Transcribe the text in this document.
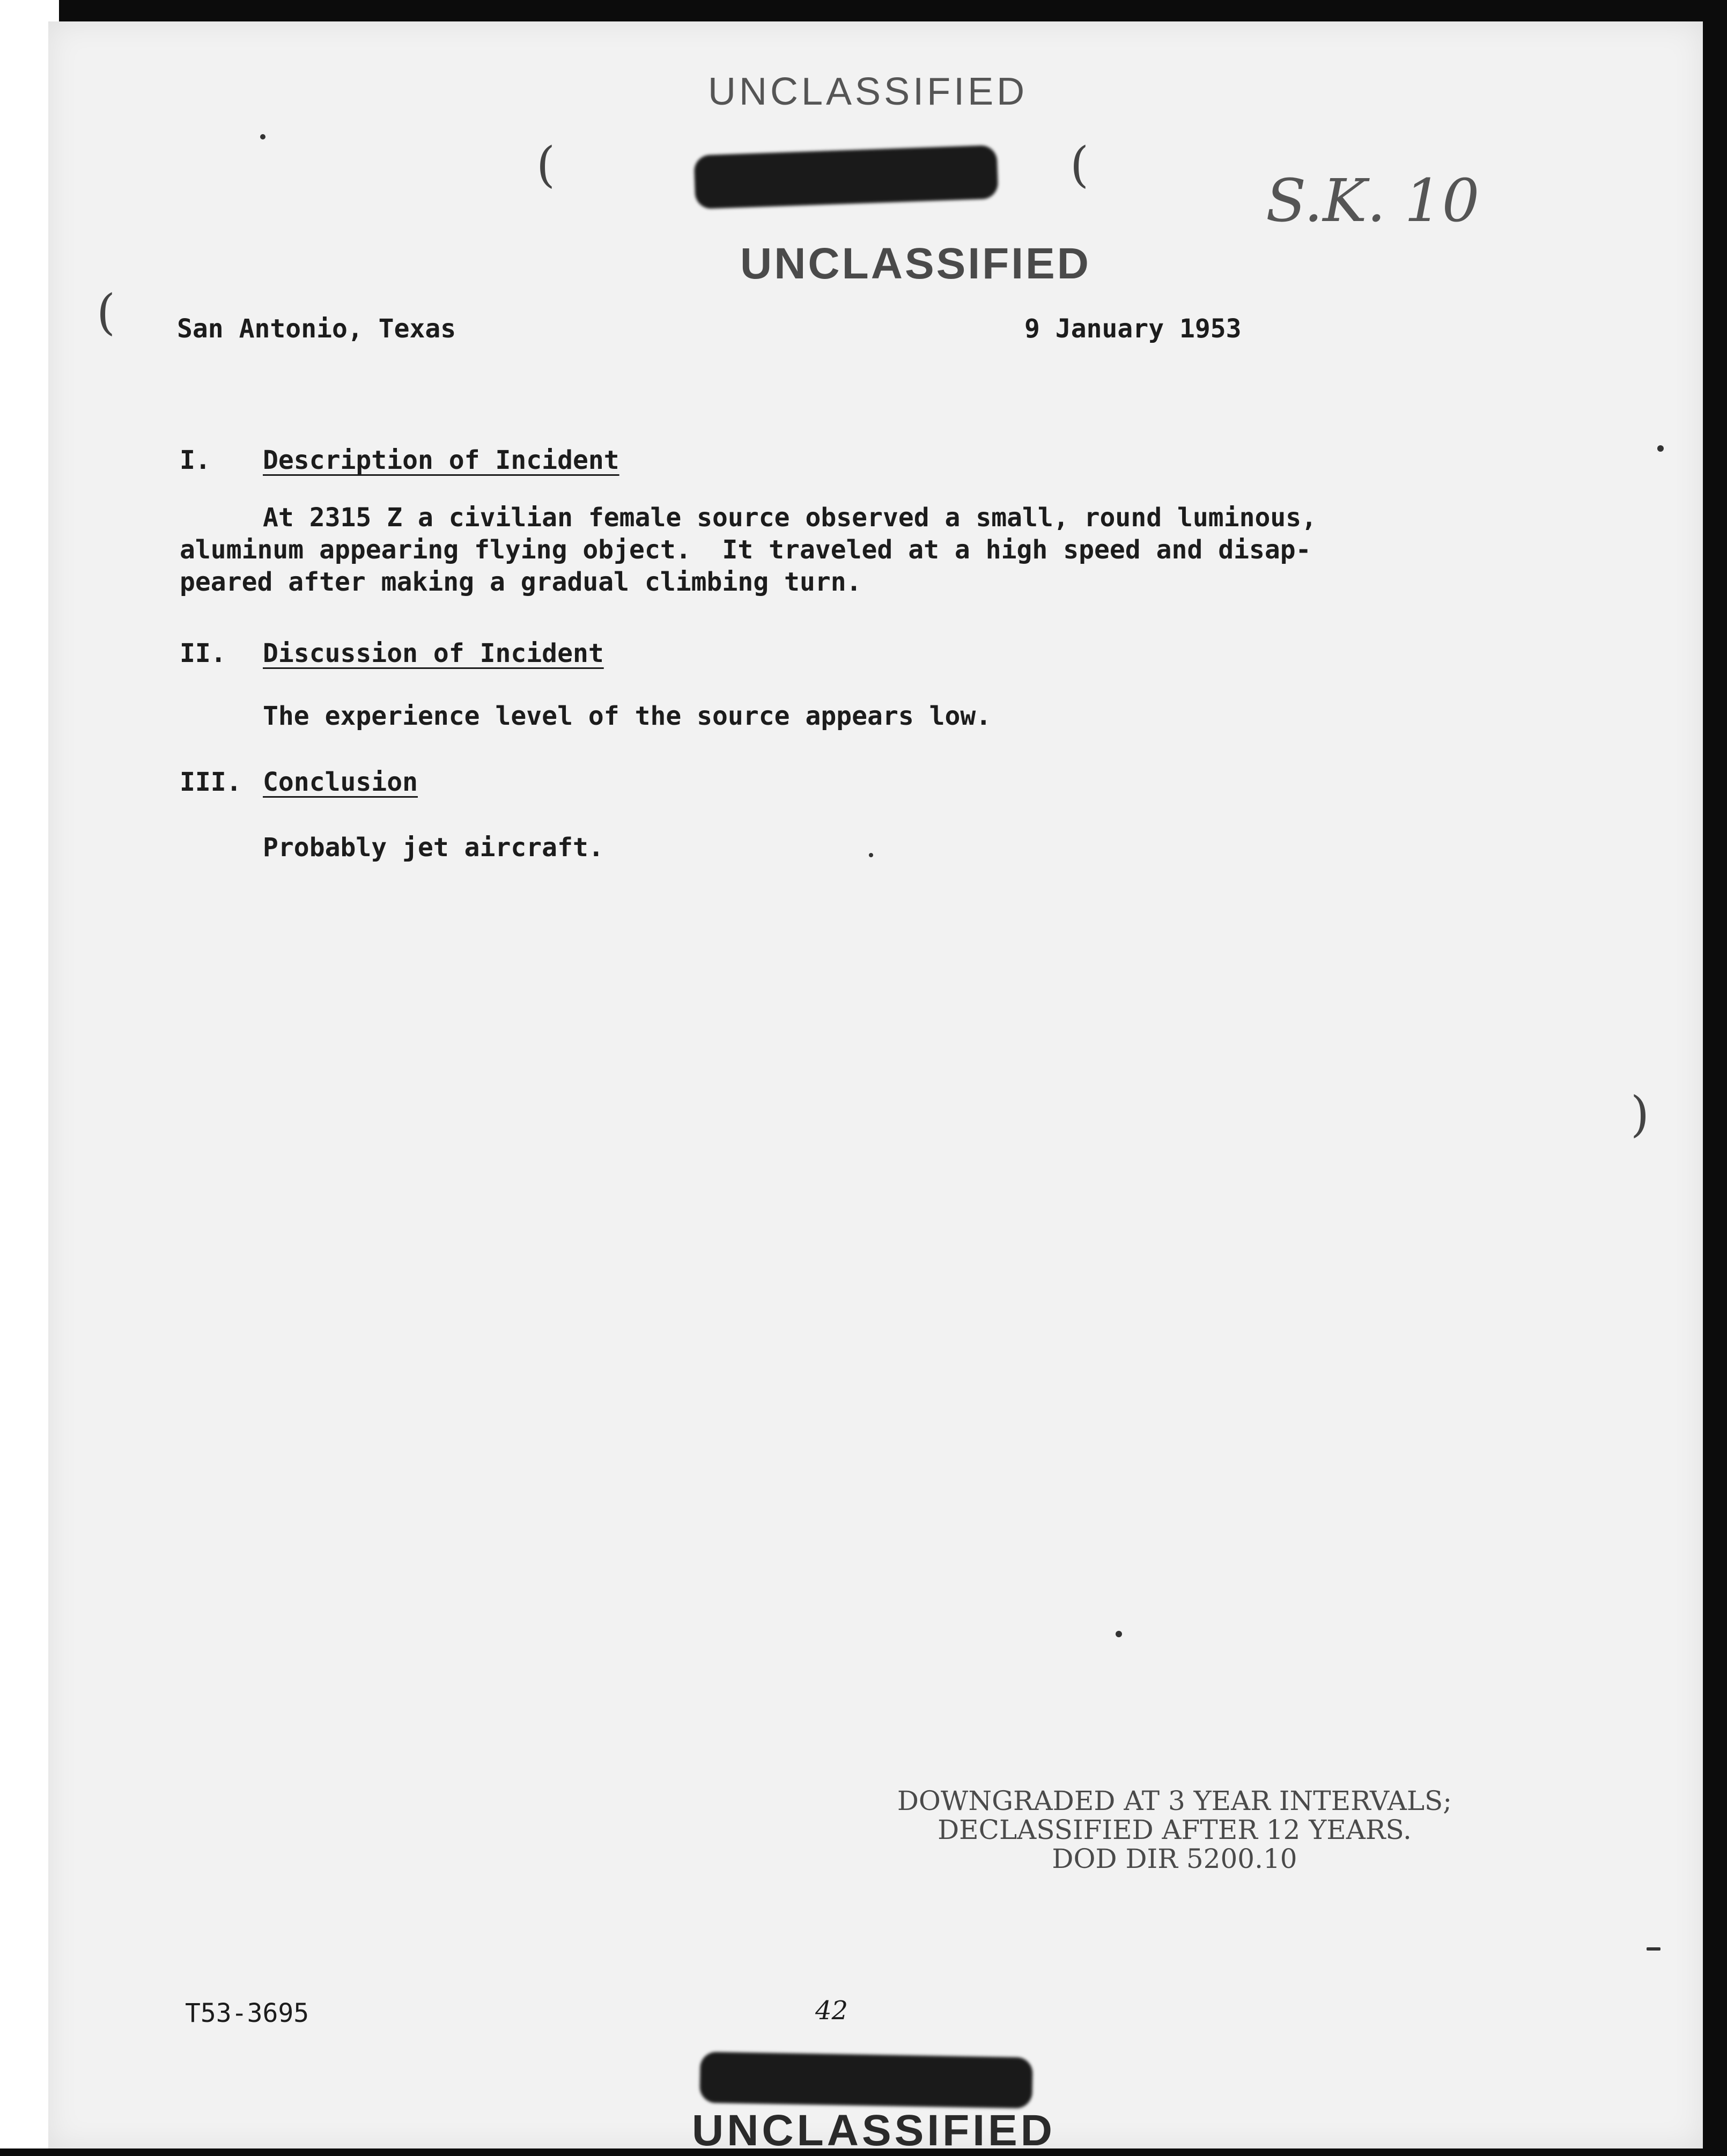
UNCLASSIFIED
(	(
S.K. 10
UNCLASSIFIED
( San Antonio, Texas	9 January 1953
I. Description of Incident
At 2315 Z a civilian female source observed a small, round luminous,
aluminum appearing flying object.  It traveled at a high speed and disap-
peared after making a gradual climbing turn.
II. Discussion of Incident
The experience level of the source appears low.
III. Conclusion
Probably jet aircraft.
)
DOWNGRADED AT 3 YEAR INTERVALS;
DECLASSIFIED AFTER 12 YEARS.
DOD DIR 5200.10
T53-3695	42
UNCLASSIFIED
